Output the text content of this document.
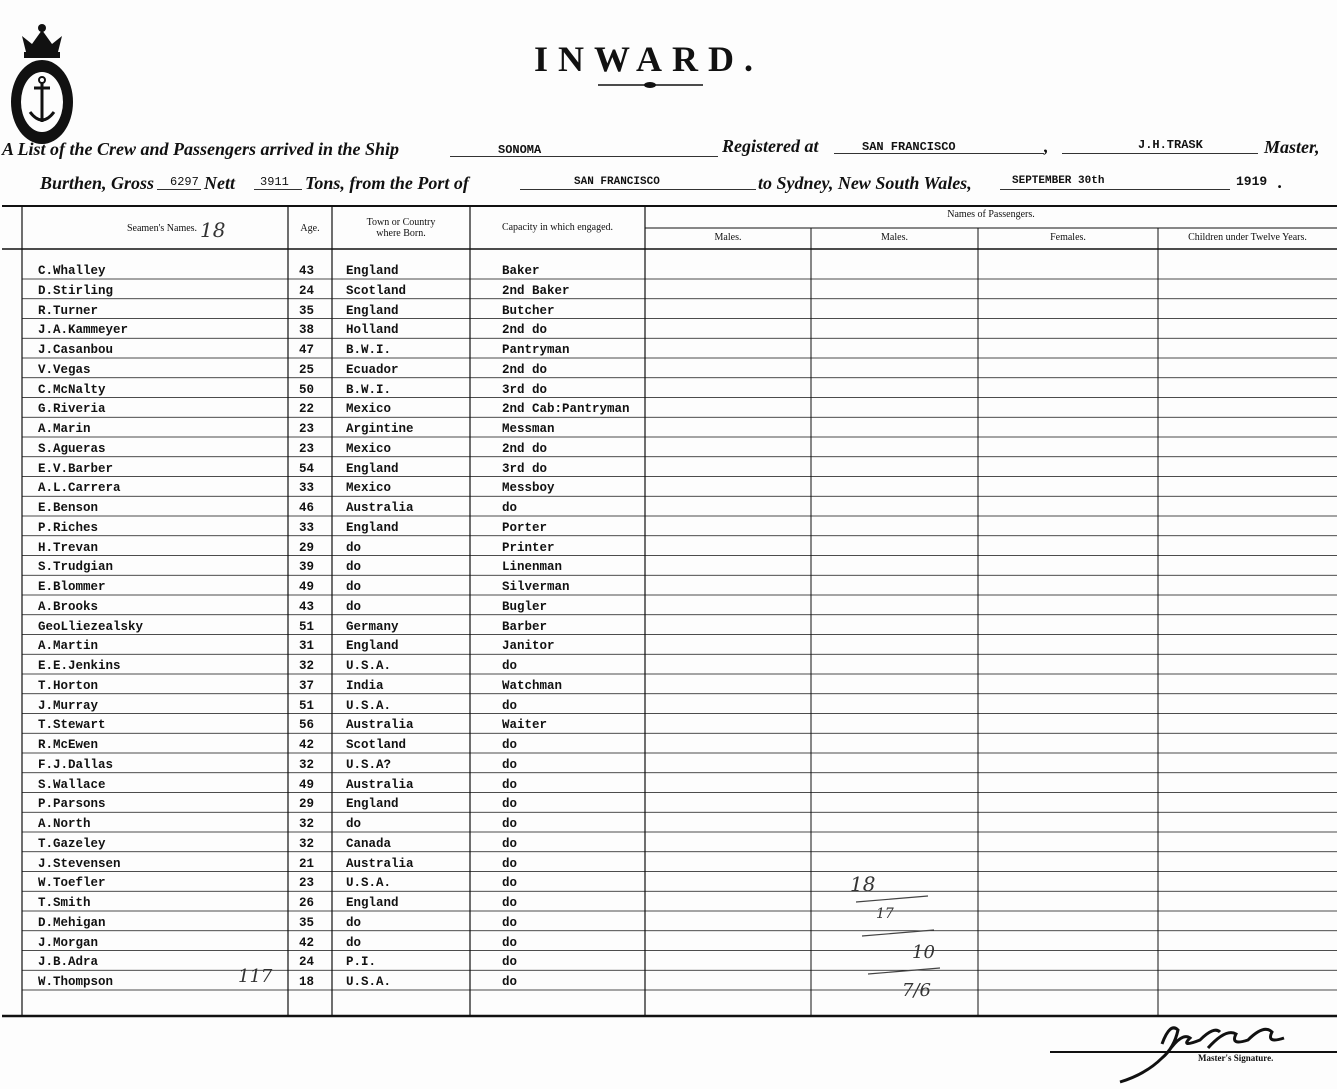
INWARD.
A List of the Crew and Passengers arrived in the Ship	SONOMA	Registered at	SAN FRANCISCO	,	J.H.TRASK	Master,
Burthen, Gross 6297 Nett 3911 Tons, from the Port of	SAN FRANCISCO	to Sydney, New South Wales,	SEPTEMBER 30th	1919 .
Seamen's Names. 18	Age.
Town or Country
where Born.
Capacity in which engaged.
Names of Passengers.
Males.	Males.	Females.	Children under Twelve Years.
C.Whalley	43	England	Baker
D.Stirling	24	Scotland	2nd Baker
R.Turner	35	England	Butcher
J.A.Kammeyer	38	Holland	2nd do
J.Casanbou	47	B.W.I.	Pantryman
V.Vegas	25	Ecuador	2nd do
C.McNalty	50	B.W.I.	3rd do
G.Riveria	22	Mexico	2nd Cab:Pantryman
A.Marin	23	Argintine	Messman
S.Agueras	23	Mexico	2nd do
E.V.Barber	54	England	3rd do
A.L.Carrera	33	Mexico	Messboy
E.Benson	46	Australia	do
P.Riches	33	England	Porter
H.Trevan	29	do	Printer
S.Trudgian	39	do	Linenman
E.Blommer	49	do	Silverman
A.Brooks	43	do	Bugler
GeoLliezealsky	51	Germany	Barber
A.Martin	31	England	Janitor
E.E.Jenkins	32	U.S.A.	do
T.Horton	37	India	Watchman
J.Murray	51	U.S.A.	do
T.Stewart	56	Australia	Waiter
R.McEwen	42	Scotland	do
F.J.Dallas	32	U.S.A?	do
S.Wallace	49	Australia	do
P.Parsons	29	England	do
A.North	32	do	do
T.Gazeley	32	Canada	do
J.Stevensen	21	Australia	do
W.Toefler	23	U.S.A.	do
T.Smith	26	England	do
D.Mehigan	35	do	do
J.Morgan	42	do	do
J.B.Adra	24	P.I.	do
W.Thompson	18	U.S.A.	do
117
18
17
10
7/6
Master's Signature.
